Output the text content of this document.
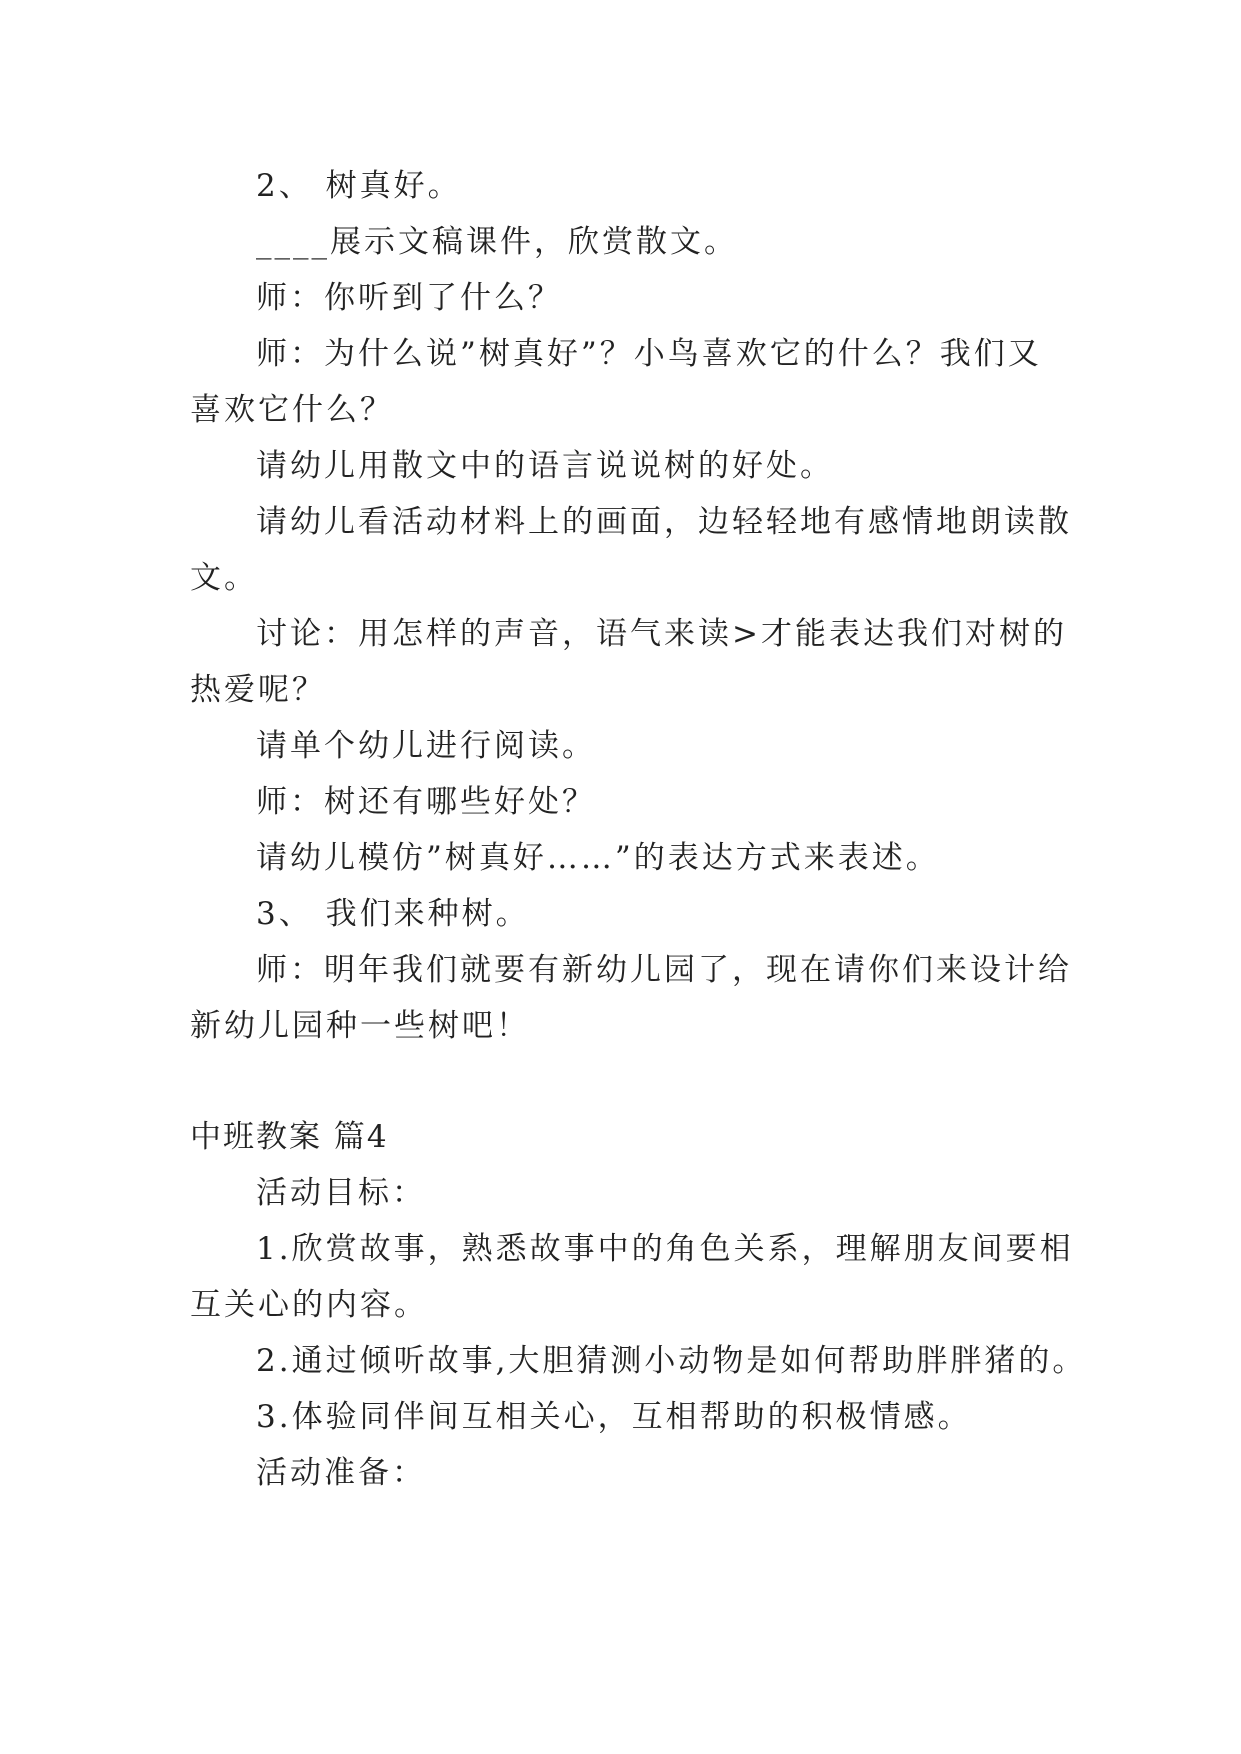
2、 树真好。
____展示文稿课件，欣赏散文。
师：你听到了什么？
师：为什么说”树真好”？小鸟喜欢它的什么？我们又
喜欢它什么？
请幼儿用散文中的语言说说树的好处。
请幼儿看活动材料上的画面，边轻轻地有感情地朗读散
文。
讨论：用怎样的声音，语气来读>才能表达我们对树的
热爱呢？
请单个幼儿进行阅读。
师：树还有哪些好处？
请幼儿模仿”树真好……”的表达方式来表述。
3、 我们来种树。
师：明年我们就要有新幼儿园了，现在请你们来设计给
新幼儿园种一些树吧！
中班教案 篇4
活动目标：
1.欣赏故事，熟悉故事中的角色关系，理解朋友间要相
互关心的内容。
2.通过倾听故事,大胆猜测小动物是如何帮助胖胖猪的。
3.体验同伴间互相关心，互相帮助的积极情感。
活动准备：
